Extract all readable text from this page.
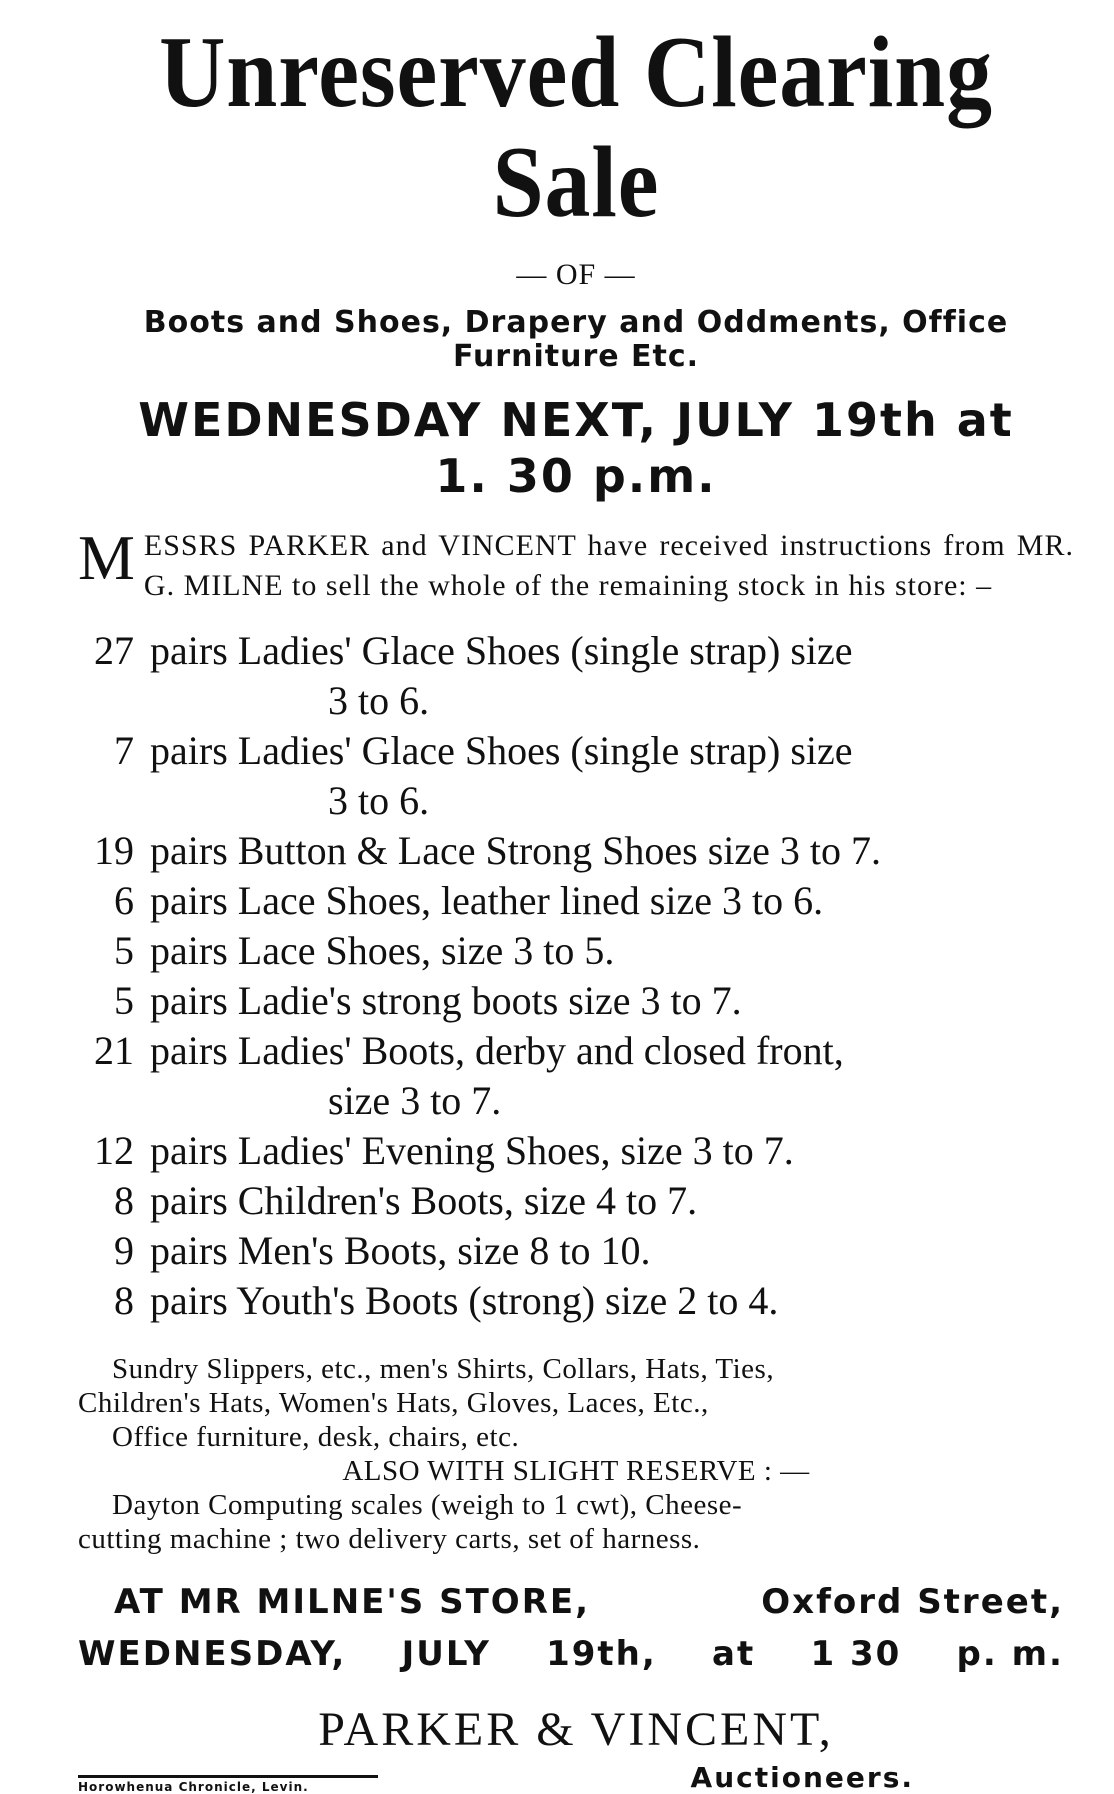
Unreserved Clearing Sale
— OF —
Boots and Shoes, Drapery and Oddments, Office
Furniture Etc.
WEDNESDAY NEXT, JULY 19th at
1. 30 p.m.
M ESSRS PARKER and VINCENT have received instructions from MR. G. MILNE to sell the whole of the remaining stock in his store: –
27 pairs Ladies' Glace Shoes (single strap) size
3 to 6.
7 pairs Ladies' Glace Shoes (single strap) size
3 to 6.
19 pairs Button & Lace Strong Shoes size 3 to 7.
6 pairs Lace Shoes, leather lined size 3 to 6.
5 pairs Lace Shoes, size 3 to 5.
5 pairs Ladie's strong boots size 3 to 7.
21 pairs Ladies' Boots, derby and closed front,
size 3 to 7.
12 pairs Ladies' Evening Shoes, size 3 to 7.
8 pairs Children's Boots, size 4 to 7.
9 pairs Men's Boots, size 8 to 10.
8 pairs Youth's Boots (strong) size 2 to 4.
Sundry Slippers, etc., men's Shirts, Collars, Hats, Ties,
Children's Hats, Women's Hats, Gloves, Laces, Etc.,
Office furniture, desk, chairs, etc.
ALSO WITH SLIGHT RESERVE : —
Dayton Computing scales (weigh to 1 cwt), Cheese-
cutting machine ; two delivery carts, set of harness.
AT MR MILNE'S STORE,	Oxford Street,
WEDNESDAY, JULY 19th, at 1 30 p. m.
PARKER & VINCENT,
Horowhenua Chronicle, Levin.	Auctioneers.
